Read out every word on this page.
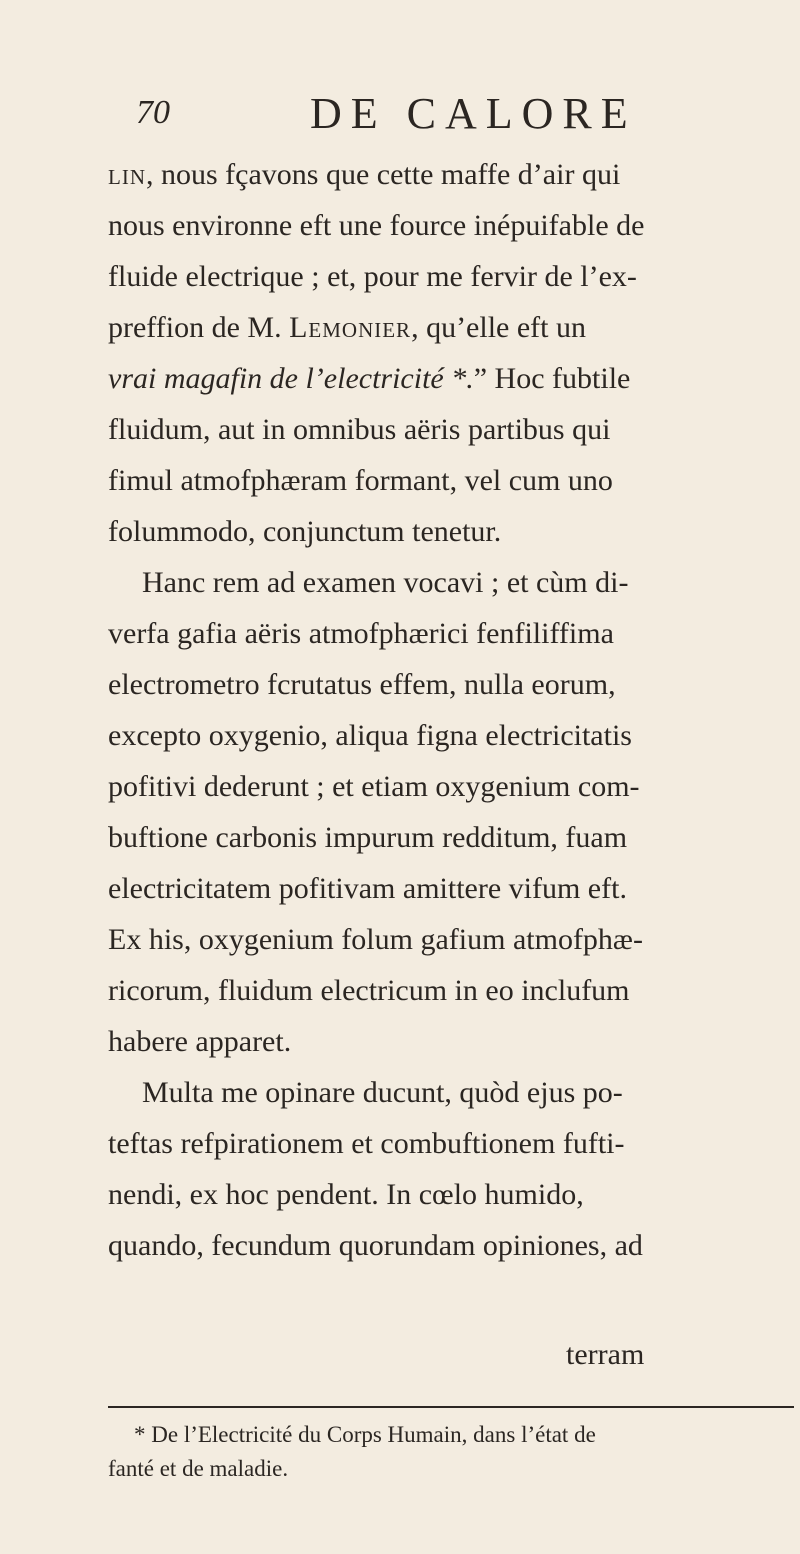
70	DE CALORE
lin, nous fçavons que cette maffe d’air qui
nous environne eft une fource inépuifable de
fluide electrique ; et, pour me fervir de l’ex-
preffion de M. Lemonier, qu’elle eft un
vrai magafin de l’electricité *.” Hoc fubtile
fluidum, aut in omnibus aëris partibus qui
fimul atmofphæram formant, vel cum uno
folummodo, conjunctum tenetur.
Hanc rem ad examen vocavi ; et cùm di-
verfa gafia aëris atmofphærici fenfiliffima
electrometro fcrutatus effem, nulla eorum,
excepto oxygenio, aliqua figna electricitatis
pofitivi dederunt ; et etiam oxygenium com-
buftione carbonis impurum redditum, fuam
electricitatem pofitivam amittere vifum eft.
Ex his, oxygenium folum gafium atmofphæ-
ricorum, fluidum electricum in eo inclufum
habere apparet.
Multa me opinare ducunt, quòd ejus po-
teftas refpirationem et combuftionem fufti-
nendi, ex hoc pendent. In cœlo humido,
quando, fecundum quorundam opiniones, ad
terram
* De l’Electricité du Corps Humain, dans l’état de
fanté et de maladie.
